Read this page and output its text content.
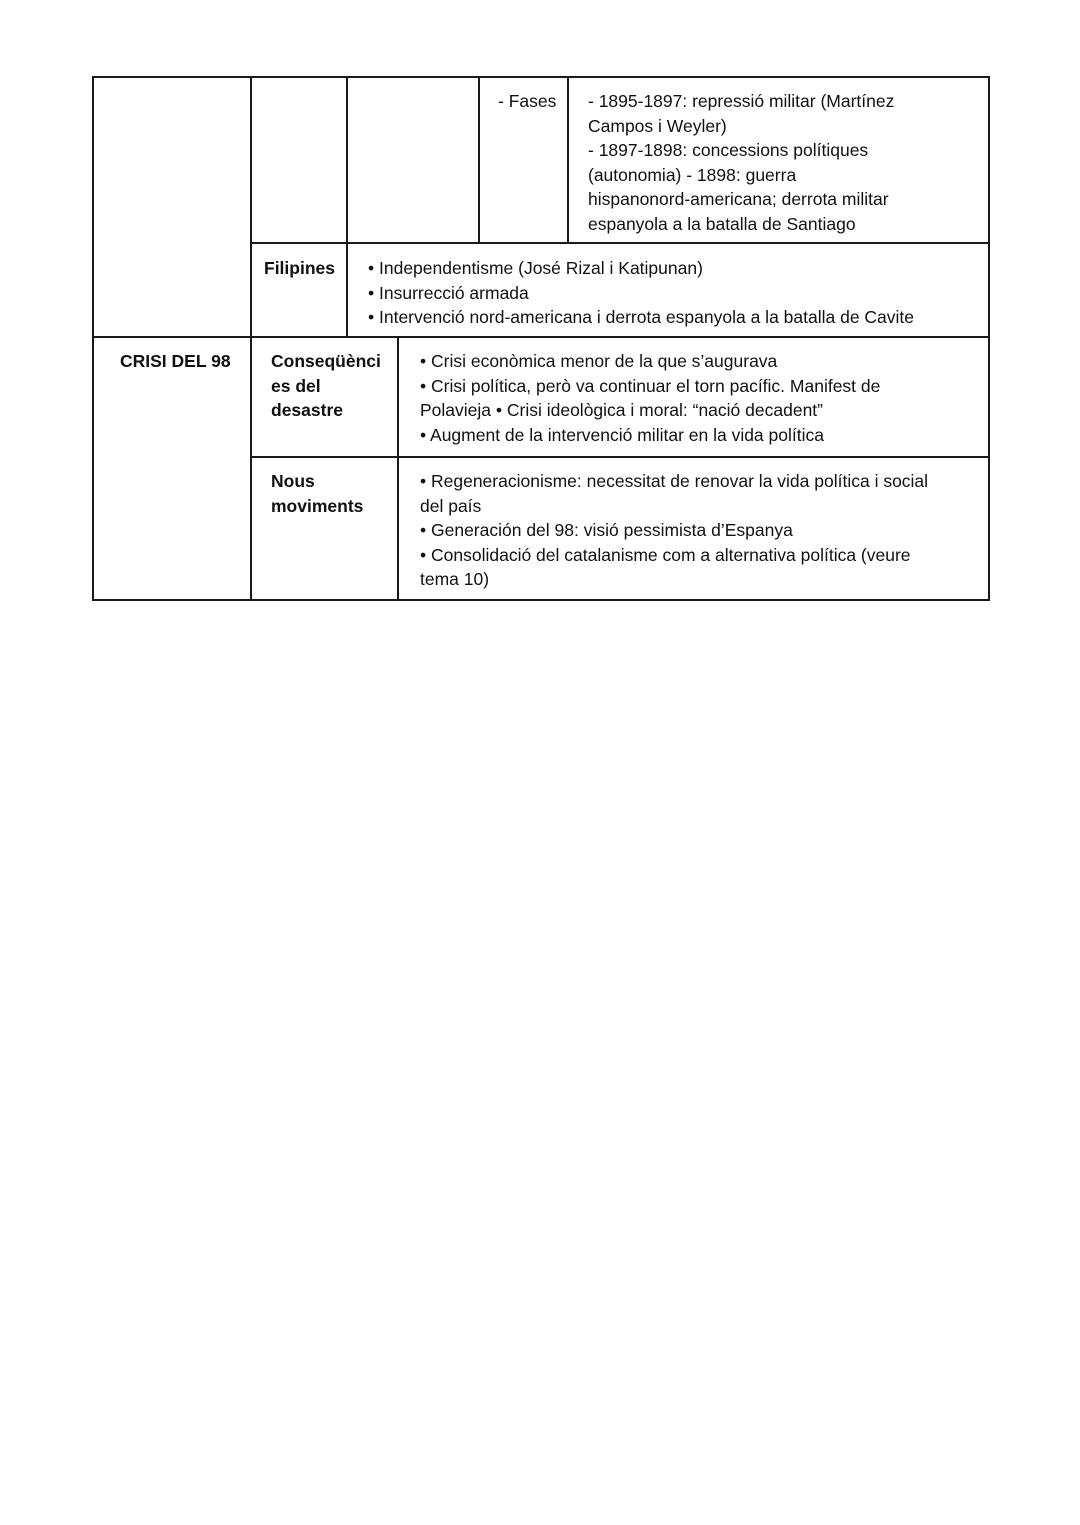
- Fases - 1895-1897: repressió militar (Martínez
Campos i Weyler)
- 1897-1898: concessions polítiques
(autonomia) - 1898: guerra
hispanonord-americana; derrota militar
espanyola a la batalla de Santiago
Filipines • Independentisme (José Rizal i Katipunan)
• Insurrecció armada
• Intervenció nord-americana i derrota espanyola a la batalla de Cavite
CRISI DEL 98 Conseqüènci
es del
desastre
• Crisi econòmica menor de la que s’augurava
• Crisi política, però va continuar el torn pacífic. Manifest de
Polavieja • Crisi ideològica i moral: “nació decadent”
• Augment de la intervenció militar en la vida política
Nous
moviments
• Regeneracionisme: necessitat de renovar la vida política i social
del país
• Generación del 98: visió pessimista d’Espanya
• Consolidació del catalanisme com a alternativa política (veure
tema 10)
